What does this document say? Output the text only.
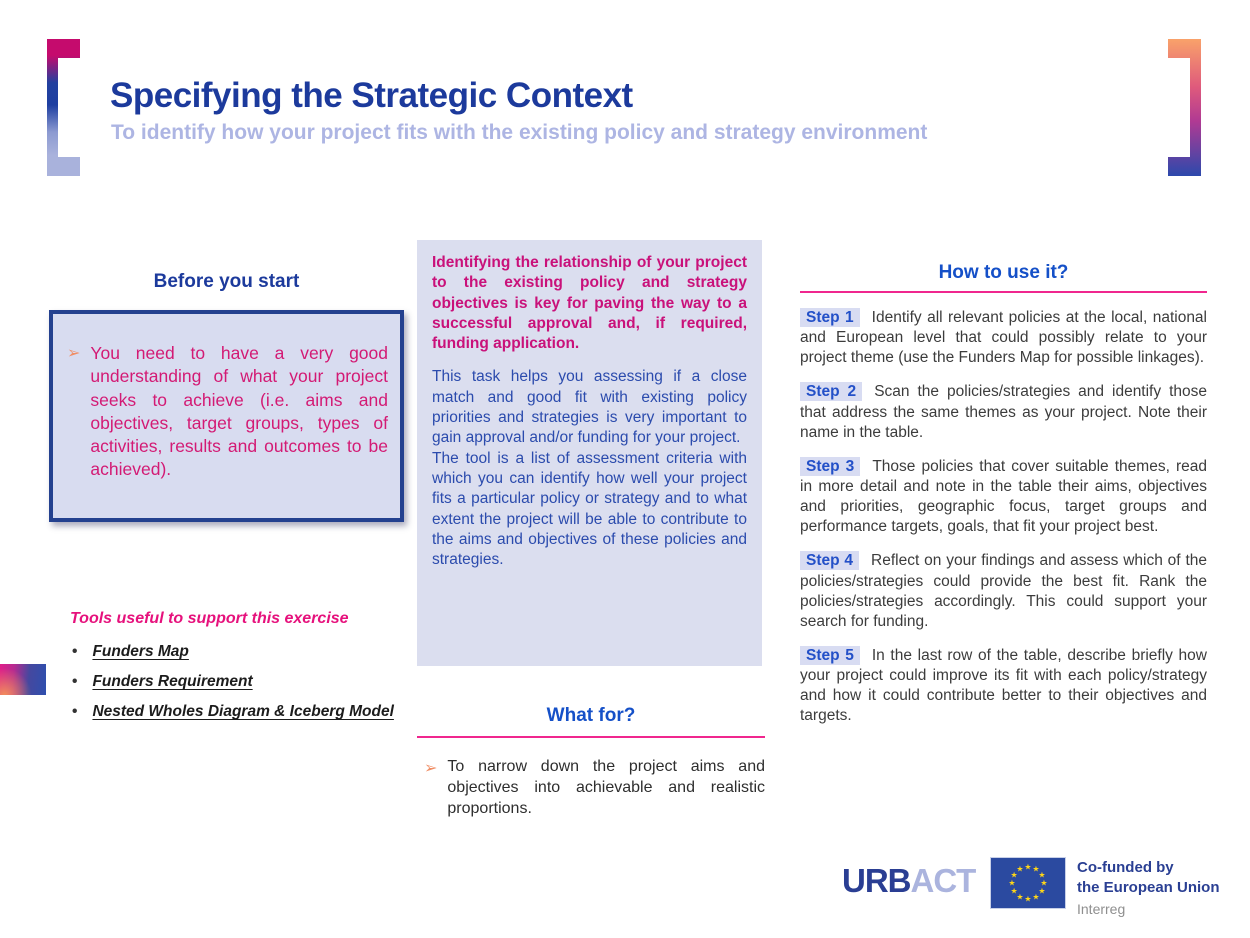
Specifying the Strategic Context
To identify how your project fits with the existing policy and strategy environment
Before you start
➢ You need to have a very good understanding of what your project seeks to achieve (i.e. aims and objectives, target groups, types of activities, results and outcomes to be achieved).
Tools useful to support this exercise
• Funders Map
• Funders Requirement
• Nested Wholes Diagram & Iceberg Model

Identifying the relationship of your project to the existing policy and strategy objectives is key for paving the way to a successful approval and, if required, funding application.

This task helps you assessing if a close match and good fit with existing policy priorities and strategies is very important to gain approval and/or funding for your project.

The tool is a list of assessment criteria with which you can identify how well your project fits a particular policy or strategy and to what extent the project will be able to contribute to the aims and objectives of these policies and strategies.

What for?
➢ To narrow down the project aims and objectives into achievable and realistic proportions.
How to use it?

Step 1 Identify all relevant policies at the local, national and European level that could possibly relate to your project theme (use the Funders Map for possible linkages).

Step 2 Scan the policies/strategies and identify those that address the same themes as your project. Note their name in the table.

Step 3 Those policies that cover suitable themes, read in more detail and note in the table their aims, objectives and priorities, geographic focus, target groups and performance targets, goals, that fit your project best.

Step 4 Reflect on your findings and assess which of the policies/strategies could provide the best fit. Rank the policies/strategies accordingly. This could support your search for funding.

Step 5 In the last row of the table, describe briefly how your project could improve its fit with each policy/strategy and how it could contribute better to their objectives and targets.

URBACT	★ ★
★
★
★
★
★
★
★
★
★
★	Co-funded by
the European Union
Interreg
